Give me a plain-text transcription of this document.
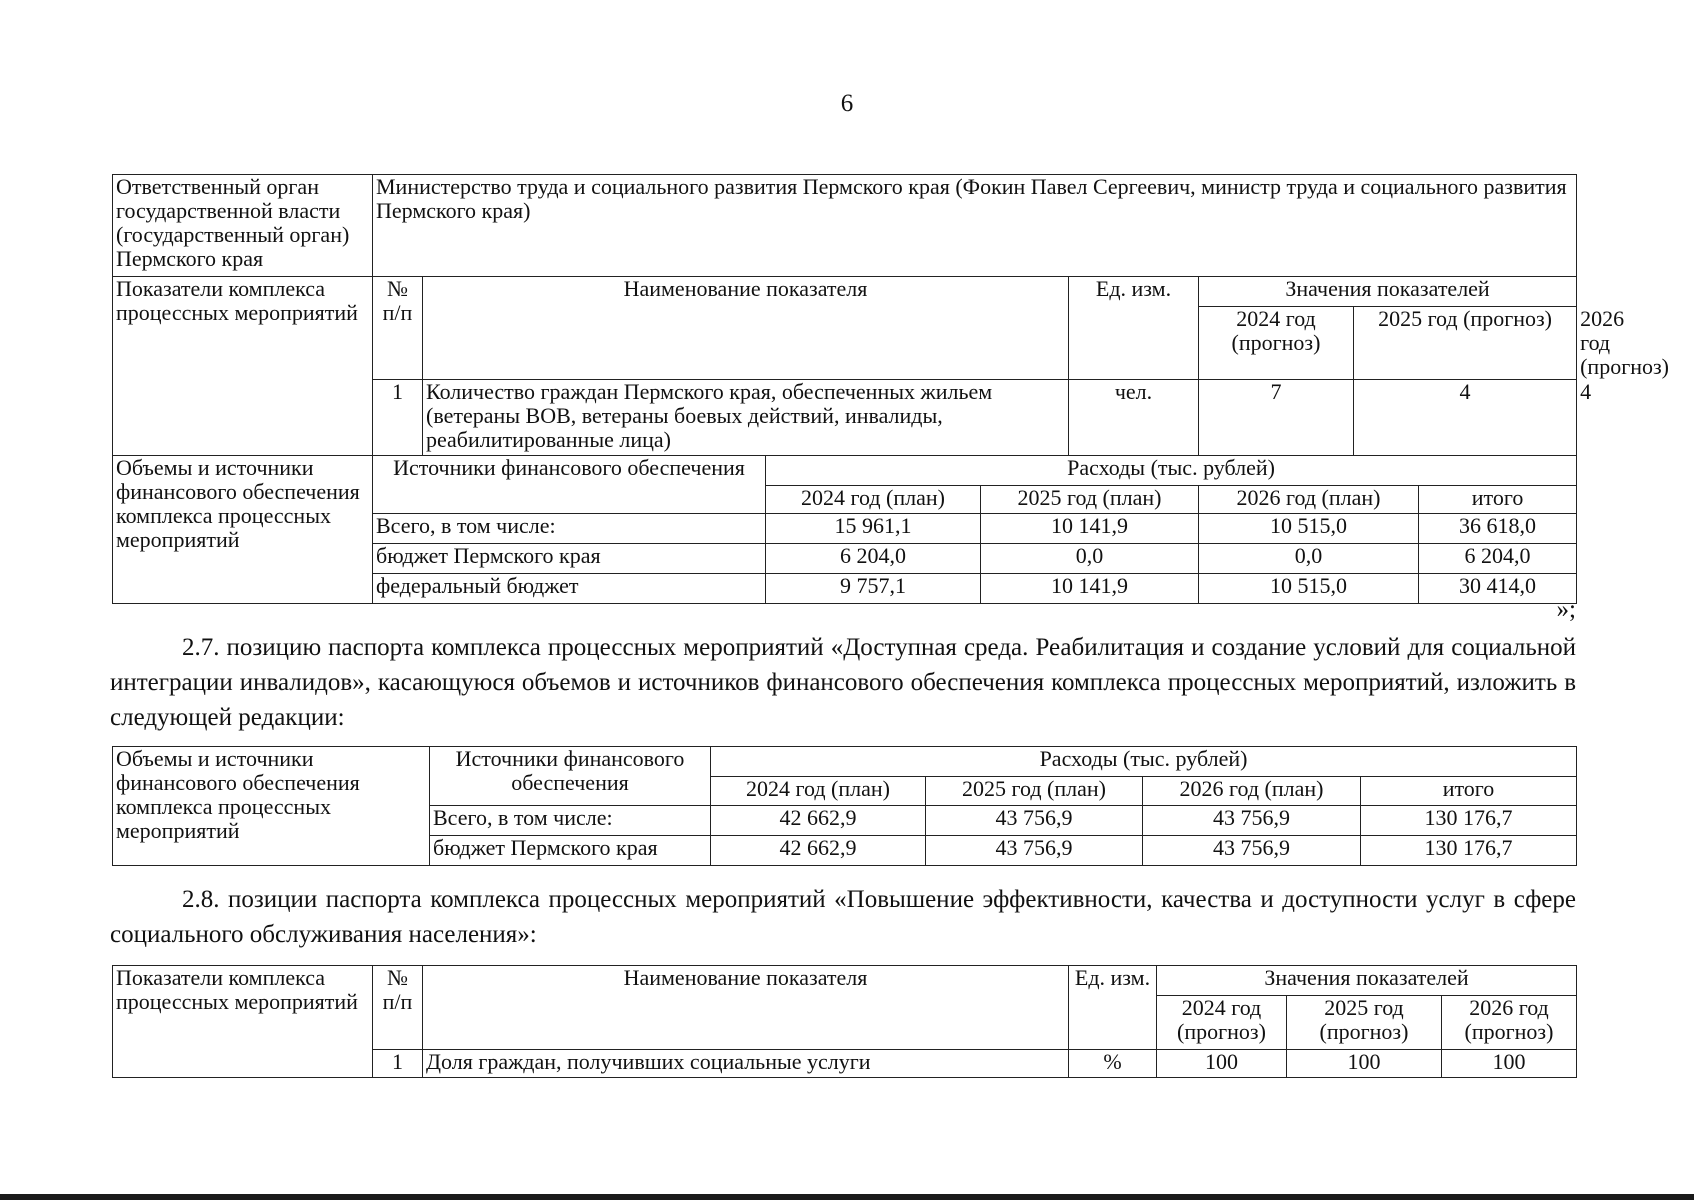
6
Ответственный орган государственной власти (государственный орган) Пермского края	Министерство труда и социального развития Пермского края (Фокин Павел Сергеевич, министр труда и социального развития Пермского края)								
Показатели комплекса процессных мероприятий	№ п/п	Наименование показателя			Ед. изм.	Значения показателей			
						2024 год (прогноз)	2025 год (прогноз)		2026 год (прогноз)
	1	Количество граждан Пермского края, обеспеченных жильем (ветераны ВОВ, ветераны боевых действий, инвалиды, реабилитированные лица)			чел.	7	4		4
Объемы и источники финансового обеспечения комплекса процессных мероприятий	Источники финансового обеспечения		Расходы (тыс. рублей)						
			2024 год (план)	2025 год (план)		2026 год (план)		итого	
	Всего, в том числе:		15 961,1	10 141,9		10 515,0		36 618,0	
	бюджет Пермского края		6 204,0	0,0		0,0		6 204,0	
	федеральный бюджет		9 757,1	10 141,9		10 515,0		30 414,0	
»;
2.7. позицию паспорта комплекса процессных мероприятий «Доступная среда. Реабилитация и создание условий для социальной интеграции инвалидов», касающуюся объемов и источников финансового обеспечения комплекса процессных мероприятий, изложить в следующей редакции:
Объемы и источники финансового обеспечения комплекса процессных мероприятий	Источники финансового обеспечения	Расходы (тыс. рублей)			
		2024 год (план)	2025 год (план)	2026 год (план)	итого
	Всего, в том числе:	42 662,9	43 756,9	43 756,9	130 176,7
	бюджет Пермского края	42 662,9	43 756,9	43 756,9	130 176,7
2.8. позиции паспорта комплекса процессных мероприятий «Повышение эффективности, качества и доступности услуг в сфере социального обслуживания населения»:
Показатели комплекса процессных мероприятий	№ п/п	Наименование показателя	Ед. изм.	Значения показателей		
				2024 год (прогноз)	2025 год (прогноз)	2026 год (прогноз)
	1	Доля граждан, получивших социальные услуги	%	100	100	100
